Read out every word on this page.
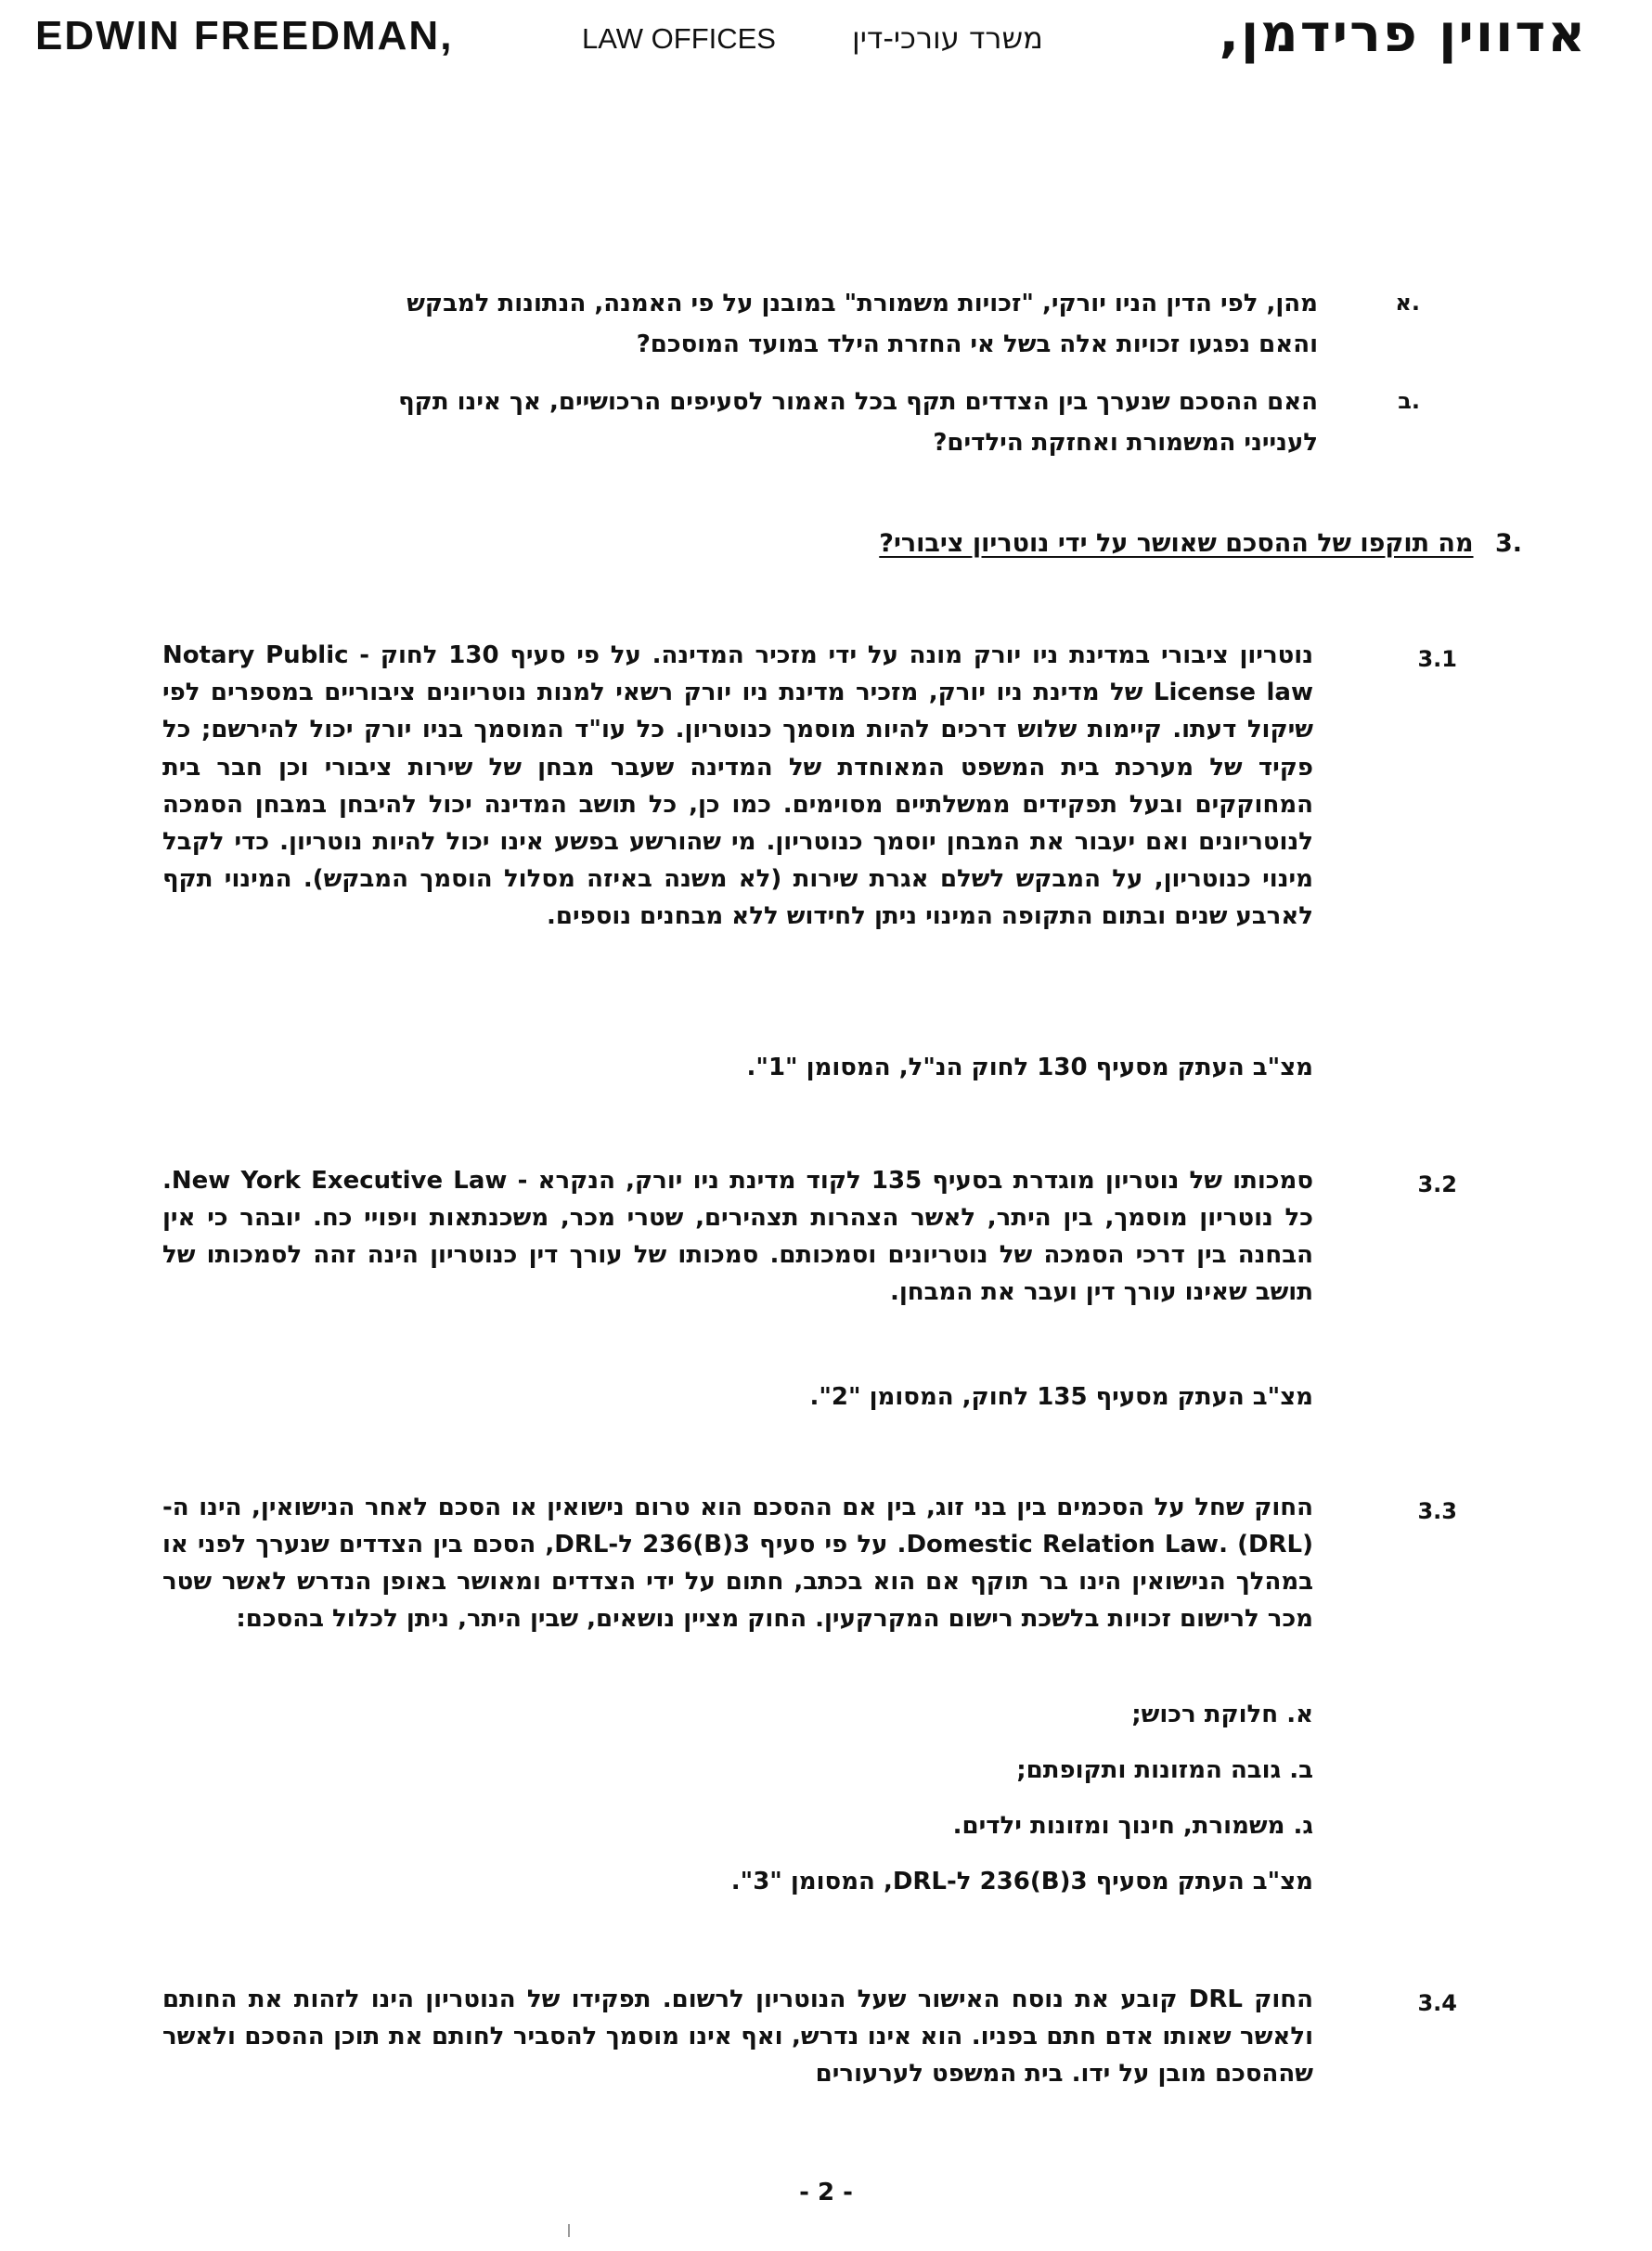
EDWIN FREEDMAN,	LAW OFFICES	משרד עורכי-דין	אדווין פרידמן,
א.
מהן, לפי הדין הניו יורקי, "זכויות משמורת" במובנן על פי האמנה, הנתונות למבקש
והאם נפגעו זכויות אלה בשל אי החזרת הילד במועד המוסכם?
ב.
האם ההסכם שנערך בין הצדדים תקף בכל האמור לסעיפים הרכושיים, אך אינו תקף
לענייני המשמורת ואחזקת הילדים?
.3 מה תוקפו של ההסכם שאושר על ידי נוטריון ציבורי?
3.1
נוטריון ציבורי במדינת ניו יורק מונה על ידי מזכיר המדינה. על פי סעיף 130 לחוק - Notary Public License law של מדינת ניו יורק, מזכיר מדינת ניו יורק רשאי למנות נוטריונים ציבוריים במספרים לפי שיקול דעתו. קיימות שלוש דרכים להיות מוסמך כנוטריון. כל עו"ד המוסמך בניו יורק יכול להירשם; כל פקיד של מערכת בית המשפט המאוחדת של המדינה שעבר מבחן של שירות ציבורי וכן חבר בית המחוקקים ובעל תפקידים ממשלתיים מסוימים. כמו כן, כל תושב המדינה יכול להיבחן במבחן הסמכה לנוטריונים ואם יעבור את המבחן יוסמך כנוטריון. מי שהורשע בפשע אינו יכול להיות נוטריון. כדי לקבל מינוי כנוטריון, על המבקש לשלם אגרת שירות (לא משנה באיזה מסלול הוסמך המבקש). המינוי תקף לארבע שנים ובתום התקופה המינוי ניתן לחידוש ללא מבחנים נוספים.
מצ"ב העתק מסעיף 130 לחוק הנ"ל, המסומן "1".
3.2
סמכותו של נוטריון מוגדרת בסעיף 135 לקוד מדינת ניו יורק, הנקרא - New York Executive Law. כל נוטריון מוסמך, בין היתר, לאשר הצהרות תצהירים, שטרי מכר, משכנתאות ויפויי כח. יובהר כי אין הבחנה בין דרכי הסמכה של נוטריונים וסמכותם. סמכותו של עורך דין כנוטריון הינה זהה לסמכותו של תושב שאינו עורך דין ועבר את המבחן.
מצ"ב העתק מסעיף 135 לחוק, המסומן "2".
3.3
החוק שחל על הסכמים בין בני זוג, בין אם ההסכם הוא טרום נישואין או הסכם לאחר הנישואין, הינו ה-(DRL) .Domestic Relation Law. על פי סעיף 3(B)236 ל-DRL, הסכם בין הצדדים שנערך לפני או במהלך הנישואין הינו בר תוקף אם הוא בכתב, חתום על ידי הצדדים ומאושר באופן הנדרש לאשר שטר מכר לרישום זכויות בלשכת רישום המקרקעין. החוק מציין נושאים, שבין היתר, ניתן לכלול בהסכם:
א. חלוקת רכוש;
ב. גובה המזונות ותקופתם;
ג. משמורת, חינוך ומזונות ילדים.
מצ"ב העתק מסעיף 3(B)236 ל-DRL, המסומן "3".
3.4
החוק DRL קובע את נוסח האישור שעל הנוטריון לרשום. תפקידו של הנוטריון הינו לזהות את החותם ולאשר שאותו אדם חתם בפניו. הוא אינו נדרש, ואף אינו מוסמך להסביר לחותם את תוכן ההסכם ולאשר שההסכם מובן על ידו. בית המשפט לערעורים
- 2 -
